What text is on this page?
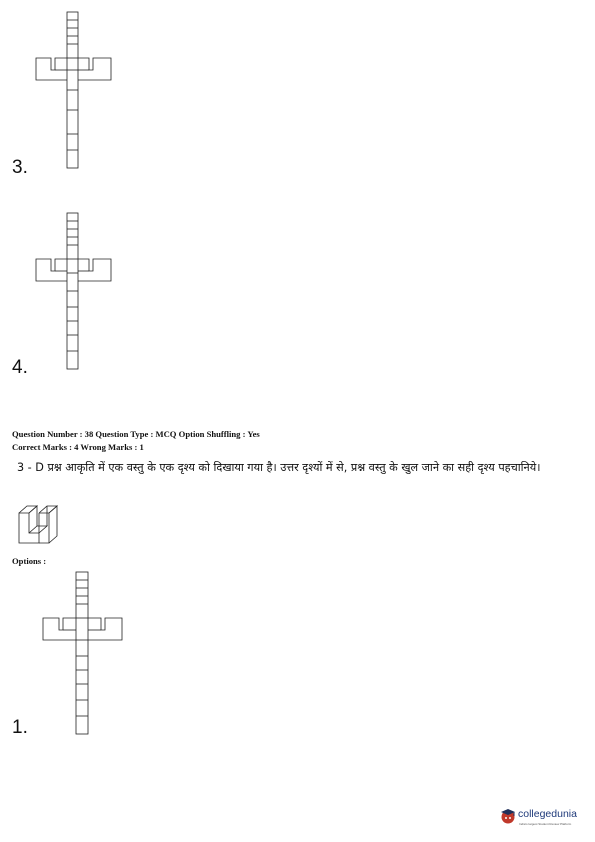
3.
4.
Question Number : 38 Question Type : MCQ Option Shuffling : Yes
Correct Marks : 4 Wrong Marks : 1
3 - D प्रश्न आकृति में एक वस्तु के एक दृश्य को दिखाया गया है। उत्तर दृश्यों में से, प्रश्न वस्तु के खुल जाने का सही दृश्य पहचानिये।
Options :
1.
collegedunia
India's largest Student Review Platform
